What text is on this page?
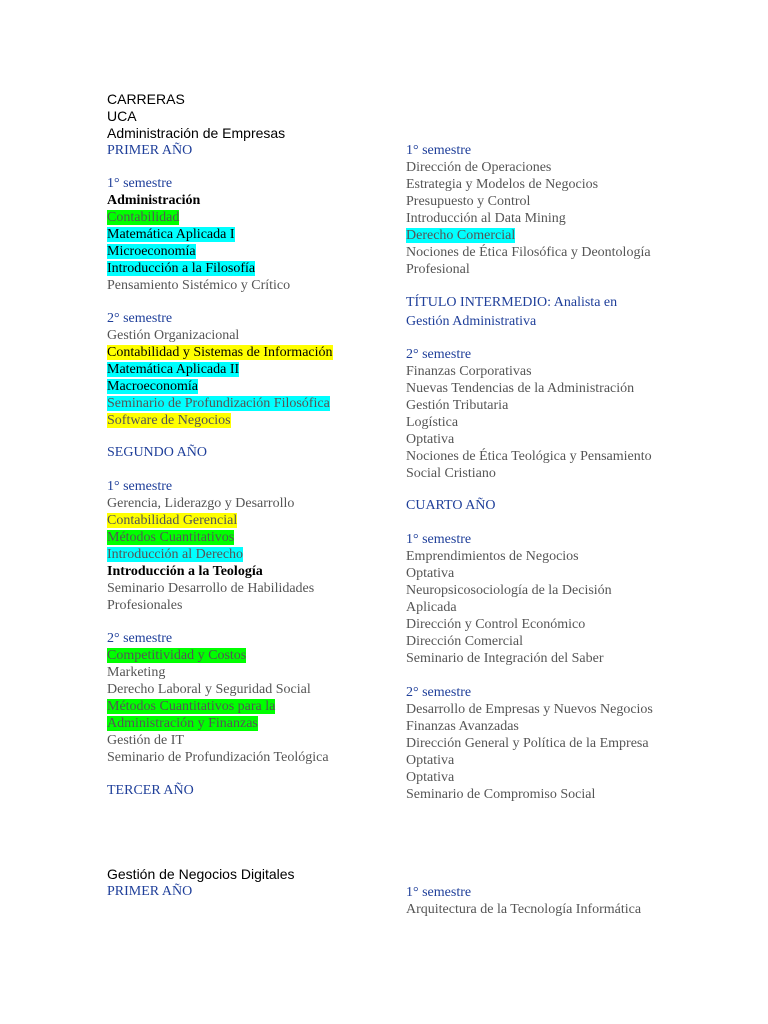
CARRERAS
UCA
Administración de Empresas
PRIMER AÑO
1° semestre
Administración
Contabilidad
Matemática Aplicada I
Microeconomía
Introducción a la Filosofía
Pensamiento Sistémico y Crítico
2° semestre
Gestión Organizacional
Contabilidad y Sistemas de Información
Matemática Aplicada II
Macroeconomía
Seminario de Profundización Filosófica
Software de Negocios
SEGUNDO AÑO
1° semestre
Gerencia, Liderazgo y Desarrollo
Contabilidad Gerencial
Métodos Cuantitativos
Introducción al Derecho
Introducción a la Teología
Seminario Desarrollo de Habilidades
Profesionales
2° semestre
Competitividad y Costos
Marketing
Derecho Laboral y Seguridad Social
Métodos Cuantitativos para la
Administración y Finanzas
Gestión de IT
Seminario de Profundización Teológica
TERCER AÑO
Gestión de Negocios Digitales
PRIMER AÑO
1° semestre
Dirección de Operaciones
Estrategia y Modelos de Negocios
Presupuesto y Control
Introducción al Data Mining
Derecho Comercial
Nociones de Ética Filosófica y Deontología
Profesional
TÍTULO INTERMEDIO: Analista en
Gestión Administrativa
2° semestre
Finanzas Corporativas
Nuevas Tendencias de la Administración
Gestión Tributaria
Logística
Optativa
Nociones de Ética Teológica y Pensamiento
Social Cristiano
CUARTO AÑO
1° semestre
Emprendimientos de Negocios
Optativa
Neuropsicosociología de la Decisión
Aplicada
Dirección y Control Económico
Dirección Comercial
Seminario de Integración del Saber
2° semestre
Desarrollo de Empresas y Nuevos Negocios
Finanzas Avanzadas
Dirección General y Política de la Empresa
Optativa
Optativa
Seminario de Compromiso Social
1° semestre
Arquitectura de la Tecnología Informática
